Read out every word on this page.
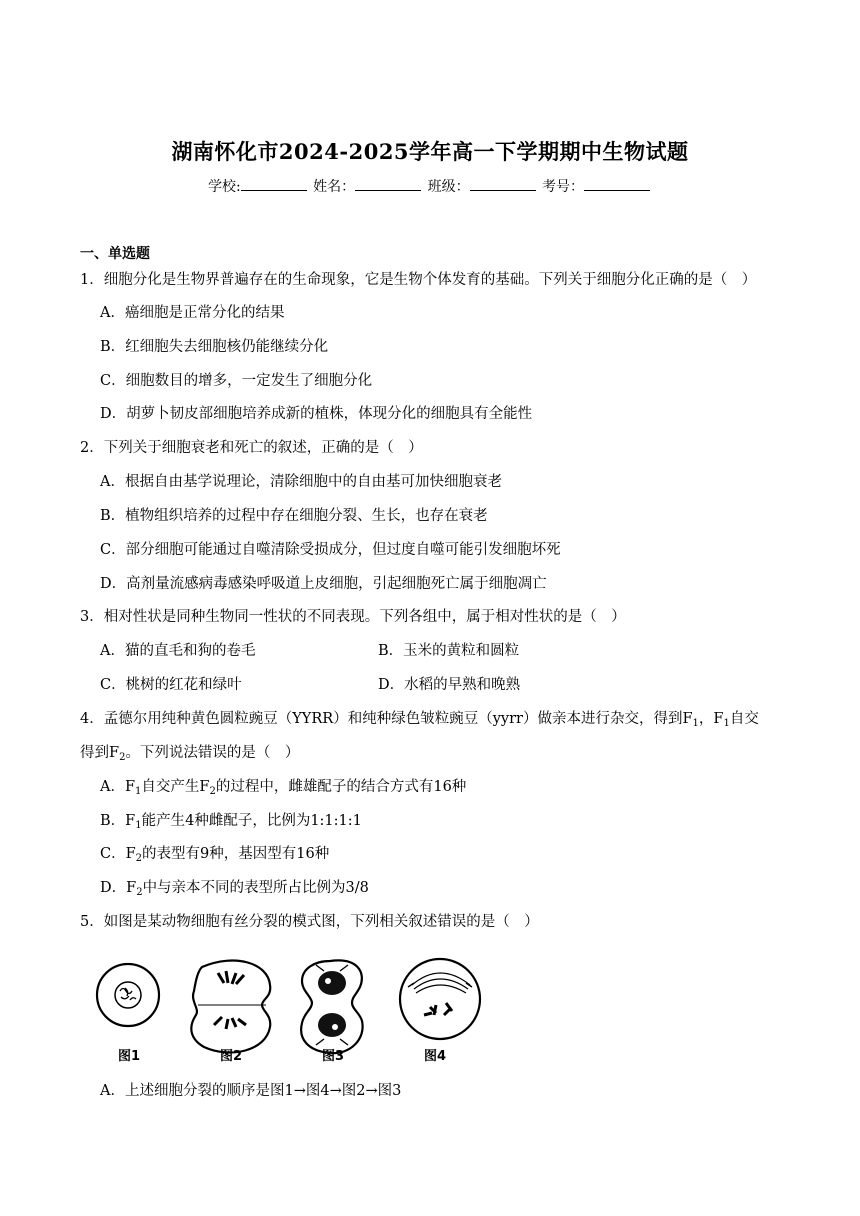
湖南怀化市2024-2025学年高一下学期期中生物试题
学校:	姓名：	班级：	考号：
一、单选题
1．细胞分化是生物界普遍存在的生命现象，它是生物个体发育的基础。下列关于细胞分化正确的是（　）
A．癌细胞是正常分化的结果
B．红细胞失去细胞核仍能继续分化
C．细胞数目的增多，一定发生了细胞分化
D．胡萝卜韧皮部细胞培养成新的植株，体现分化的细胞具有全能性
2．下列关于细胞衰老和死亡的叙述，正确的是（　）
A．根据自由基学说理论，清除细胞中的自由基可加快细胞衰老
B．植物组织培养的过程中存在细胞分裂、生长，也存在衰老
C．部分细胞可能通过自噬清除受损成分，但过度自噬可能引发细胞坏死
D．高剂量流感病毒感染呼吸道上皮细胞，引起细胞死亡属于细胞凋亡
3．相对性状是同种生物同一性状的不同表现。下列各组中，属于相对性状的是（　）
A．猫的直毛和狗的卷毛	B．玉米的黄粒和圆粒
C．桃树的红花和绿叶	D．水稻的早熟和晚熟
4．孟德尔用纯种黄色圆粒豌豆（YYRR）和纯种绿色皱粒豌豆（yyrr）做亲本进行杂交，得到$F_1$，$F_1$自交
得到$F_2$。下列说法错误的是（　）
A．$F_1$自交产生$F_2$的过程中，雌雄配子的结合方式有16种
B．$F_1$能产生4种雌配子，比例为1:1:1:1
C．$F_2$的表型有9种，基因型有16种
D．$F_2$中与亲本不同的表型所占比例为3/8
5．如图是某动物细胞有丝分裂的模式图，下列相关叙述错误的是（　）
图1	图2	图3	图4
A．上述细胞分裂的顺序是图1→图4→图2→图3
